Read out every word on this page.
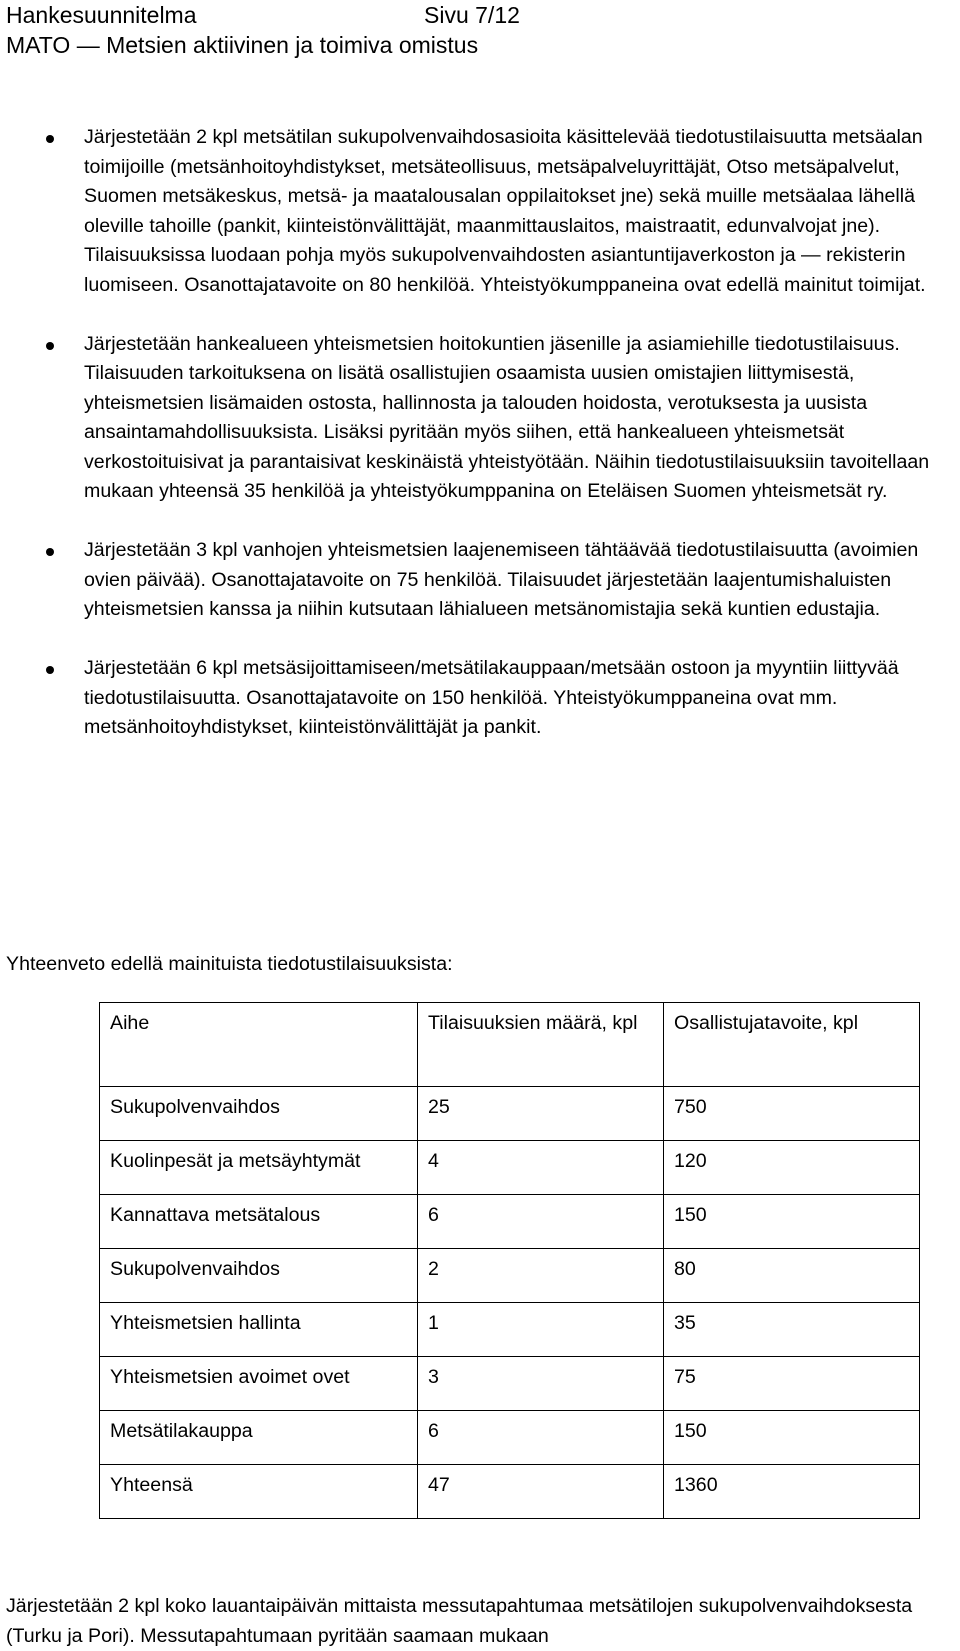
Hankesuunnitelma	Sivu 7/12
MATO — Metsien aktiivinen ja toimiva omistus
Järjestetään 2 kpl metsätilan sukupolvenvaihdosasioita käsittelevää tiedotustilaisuutta metsäalan toimijoille (metsänhoitoyhdistykset, metsäteollisuus, metsäpalveluyrittäjät, Otso metsäpalvelut, Suomen metsäkeskus, metsä- ja maatalousalan oppilaitokset jne) sekä muille metsäalaa lähellä oleville tahoille (pankit, kiinteistönvälittäjät, maanmittauslaitos, maistraatit, edunvalvojat jne). Tilaisuuksissa luodaan pohja myös sukupolvenvaihdosten asiantuntijaverkoston ja — rekisterin luomiseen. Osanottajatavoite on 80 henkilöä. Yhteistyökumppaneina ovat edellä mainitut toimijat.
Järjestetään hankealueen yhteismetsien hoitokuntien jäsenille ja asiamiehille tiedotustilaisuus. Tilaisuuden tarkoituksena on lisätä osallistujien osaamista uusien omistajien liittymisestä, yhteismetsien lisämaiden ostosta, hallinnosta ja talouden hoidosta, verotuksesta ja uusista ansaintamahdollisuuksista. Lisäksi pyritään myös siihen, että hankealueen yhteismetsät verkostoituisivat ja parantaisivat keskinäistä yhteistyötään. Näihin tiedotustilaisuuksiin tavoitellaan mukaan yhteensä 35 henkilöä ja yhteistyökumppanina on Eteläisen Suomen yhteismetsät ry.
Järjestetään 3 kpl vanhojen yhteismetsien laajenemiseen tähtäävää tiedotustilaisuutta (avoimien ovien päivää). Osanottajatavoite on 75 henkilöä. Tilaisuudet järjestetään laajentumishaluisten yhteismetsien kanssa ja niihin kutsutaan lähialueen metsänomistajia sekä kuntien edustajia.
Järjestetään 6 kpl metsäsijoittamiseen/metsätilakauppaan/metsään ostoon ja myyntiin liittyvää tiedotustilaisuutta. Osanottajatavoite on 150 henkilöä. Yhteistyökumppaneina ovat mm. metsänhoitoyhdistykset, kiinteistönvälittäjät ja pankit.
Yhteenveto edellä mainituista tiedotustilaisuuksista:
Aihe	Tilaisuuksien määrä, kpl	Osallistujatavoite, kpl
Sukupolvenvaihdos	25	750
Kuolinpesät ja metsäyhtymät	4	120
Kannattava metsätalous	6	150
Sukupolvenvaihdos	2	80
Yhteismetsien hallinta	1	35
Yhteismetsien avoimet ovet	3	75
Metsätilakauppa	6	150
Yhteensä	47	1360
Järjestetään 2 kpl koko lauantaipäivän mittaista messutapahtumaa metsätilojen sukupolvenvaihdoksesta (Turku ja Pori). Messutapahtumaan pyritään saamaan mukaan
